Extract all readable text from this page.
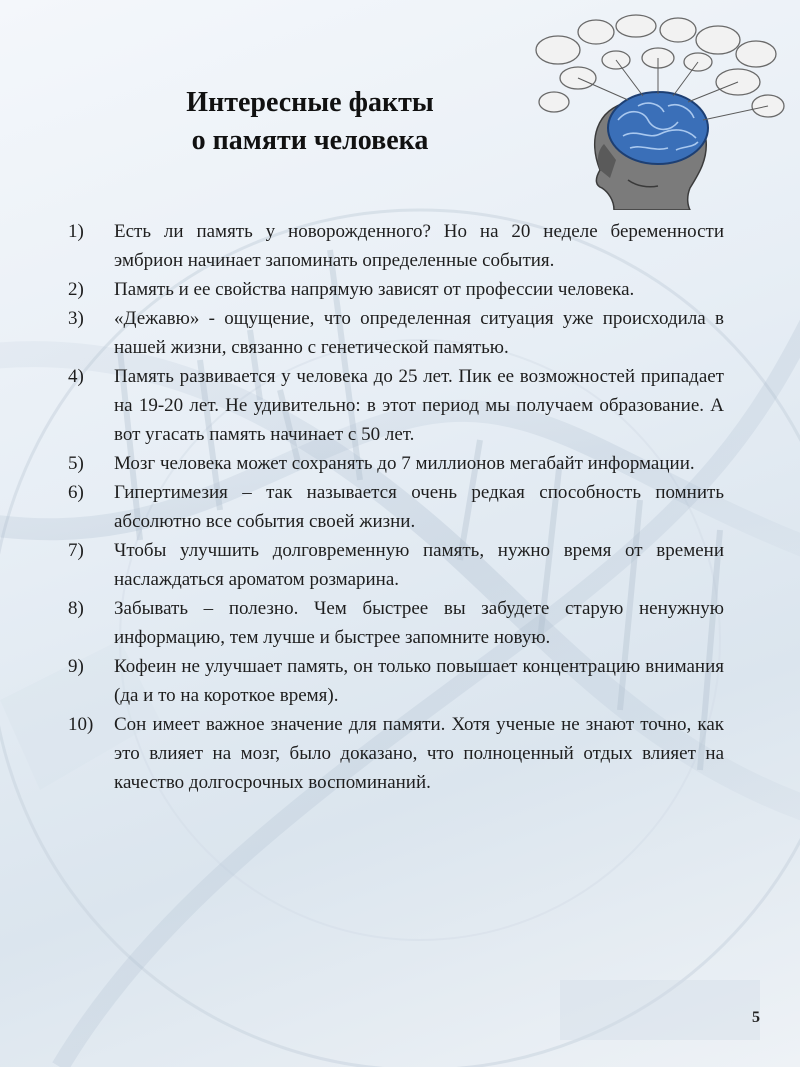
Интересные факты
о памяти человека
1)	Есть ли память у новорожденного? Но на 20 неделе беременности эмбрион начинает запоминать определенные события.
2)	Память и ее свойства напрямую зависят от профессии человека.
3)	«Дежавю» - ощущение, что определенная ситуация уже происходила в нашей жизни, связанно с генетической памятью.
4)	Память развивается у человека до 25 лет. Пик ее возможностей припадает на 19-20 лет. Не удивительно: в этот период мы получаем образование. А вот угасать память начинает с 50 лет.
5)	Мозг человека может сохранять до 7 миллионов мегабайт информации.
6)	Гипертимезия – так называется очень редкая способность помнить абсолютно все события своей жизни.
7)	Чтобы улучшить долговременную память, нужно время от времени наслаждаться ароматом розмарина.
8)	Забывать – полезно. Чем быстрее вы забудете старую ненужную информацию, тем лучше и быстрее запомните новую.
9)	Кофеин не улучшает память, он только повышает концентрацию внимания (да и то на короткое время).
10)	Сон имеет важное значение для памяти. Хотя ученые не знают точно, как это влияет на мозг, было доказано, что полноценный отдых влияет на качество долгосрочных воспоминаний.
5
